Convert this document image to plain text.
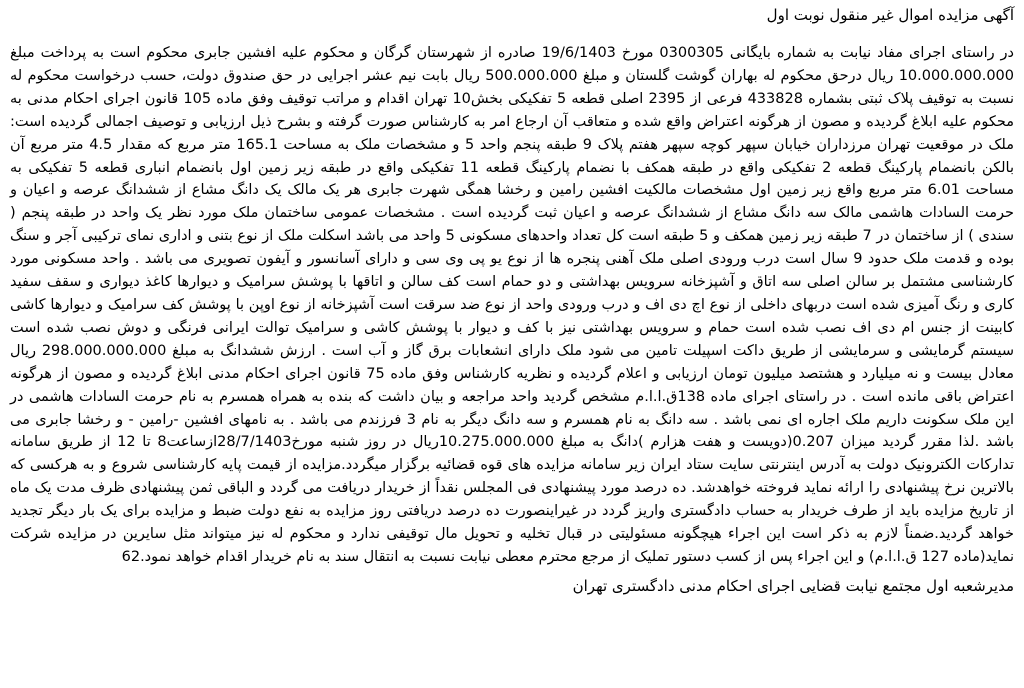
آگهی مزایده اموال غیر منقول نوبت اول

در راستای اجرای مفاد نیابت به شماره بایگانی 0300305 مورخ 19/6/1403 صادره از شهرستان گرگان و محکوم علیه افشین جابری محکوم است به پرداخت مبلغ 10.000.000.000 ریال درحق محکوم له بهاران گوشت گلستان و مبلغ 500.000.000 ریال بابت نیم عشر اجرایی در حق صندوق دولت، حسب درخواست محکوم له نسبت به توقیف پلاک ثبتی بشماره 433828 فرعی از 2395 اصلی قطعه 5 تفکیکی بخش10 تهران اقدام و مراتب توقیف وفق ماده 105 قانون اجرای احکام مدنی به محکوم علیه ابلاغ گردیده و مصون از هرگونه اعتراض واقع شده و متعاقب آن ارجاع امر به کارشناس صورت گرفته و بشرح ذیل ارزیابی و توصیف اجمالی گردیده است: ملک در موقعیت تهران مرزداران خیابان سپهر کوچه سپهر هفتم پلاک 9 طبقه پنجم واحد 5 و مشخصات ملک به مساحت 165.1 متر مربع که مقدار 4.5 متر مربع آن بالکن بانضمام پارکینگ قطعه 2 تفکیکی واقع در طبقه همکف با نضمام پارکینگ قطعه 11 تفکیکی واقع در طبقه زیر زمین اول بانضمام انباری قطعه 5 تفکیکی به مساحت 6.01 متر مربع واقع زیر زمین اول مشخصات مالکیت افشین رامین و رخشا همگی شهرت جابری هر یک مالک یک دانگ مشاع از ششدانگ عرصه و اعیان و حرمت السادات هاشمی مالک سه دانگ مشاع از ششدانگ عرصه و اعیان ثبت گردیده است . مشخصات عمومی ساختمان ملک مورد نظر یک واحد در طبقه پنجم ( سندی ) از ساختمان در 7 طبقه زیر زمین همکف و 5 طبقه است کل تعداد واحدهای مسکونی 5 واحد می باشد اسکلت ملک از نوع بتنی و اداری نمای ترکیبی آجر و سنگ بوده و قدمت ملک حدود 9 سال است درب ورودی اصلی ملک آهنی پنجره ها از نوع یو پی وی سی و دارای آسانسور و آیفون تصویری می باشد . واحد مسکونی مورد کارشناسی مشتمل بر سالن اصلی سه اتاق و آشپزخانه سرویس بهداشتی و دو حمام است کف سالن و اتاقها با پوشش سرامیک و دیوارها کاغذ دیواری و سقف سفید کاری و رنگ آمیزی شده است دربهای داخلی از نوع اچ دی اف و درب ورودی واحد از نوع ضد سرقت است آشپزخانه از نوع اوپن با پوشش کف سرامیک و دیوارها کاشی کابینت از جنس ام دی اف نصب شده است حمام و سرویس بهداشتی نیز با کف و دیوار با پوشش کاشی و سرامیک توالت ایرانی فرنگی و دوش نصب شده است سیستم گرمایشی و سرمایشی از طریق داکت اسپیلت تامین می شود ملک دارای انشعابات برق گاز و آب است . ارزش ششدانگ به مبلغ 298.000.000.000 ریال معادل بیست و نه میلیارد و هشتصد میلیون تومان ارزیابی و اعلام گردیده و نظریه کارشناس وفق ماده 75 قانون اجرای احکام مدنی ابلاغ گردیده و مصون از هرگونه اعتراض باقی مانده است . در راستای اجرای ماده 138ق.ا.ا.م مشخص گردید واحد مراجعه و بیان داشت که بنده به همراه همسرم به نام حرمت السادات هاشمی در این ملک سکونت داریم ملک اجاره ای نمی باشد . سه دانگ به نام همسرم و سه دانگ دیگر به نام 3 فرزندم می باشد . به نامهای افشین -رامین - و رخشا جابری می باشد .لذا مقرر گردید میزان 0.207(دویست و هفت هزارم )دانگ به مبلغ 10.275.000.000ریال در روز شنبه مورخ28/7/1403ازساعت8 تا 12 از طریق سامانه تدارکات الکترونیک دولت به آدرس اینترنتی سایت ستاد ایران زیر سامانه مزایده های قوه قضائیه برگزار میگردد.مزایده از قیمت پایه کارشناسی شروع و به هرکسی که بالاترین نرخ پیشنهادی را ارائه نماید فروخته خواهدشد. ده درصد مورد پیشنهادی فی المجلس نقداً از خریدار دریافت می گردد و الباقی ثمن پیشنهادی ظرف مدت یک ماه از تاریخ مزایده باید از طرف خریدار به حساب دادگستری واریز گردد در غیراینصورت ده درصد دریافتی روز مزایده به نفع دولت ضبط و مزایده برای یک بار دیگر تجدید خواهد گردید.ضمناً لازم به ذکر است این اجراء هیچگونه مسئولیتی در قبال تخلیه و تحویل مال توقیفی ندارد و محکوم له نیز میتواند مثل سایرین در مزایده شرکت نماید(ماده 127 ق.ا.ا.م) و این اجراء پس از کسب دستور تملیک از مرجع محترم معطی نیابت نسبت به انتقال سند به نام خریدار اقدام خواهد نمود.62

مدیرشعبه اول مجتمع نیابت قضایی اجرای احکام مدنی دادگستری تهران
